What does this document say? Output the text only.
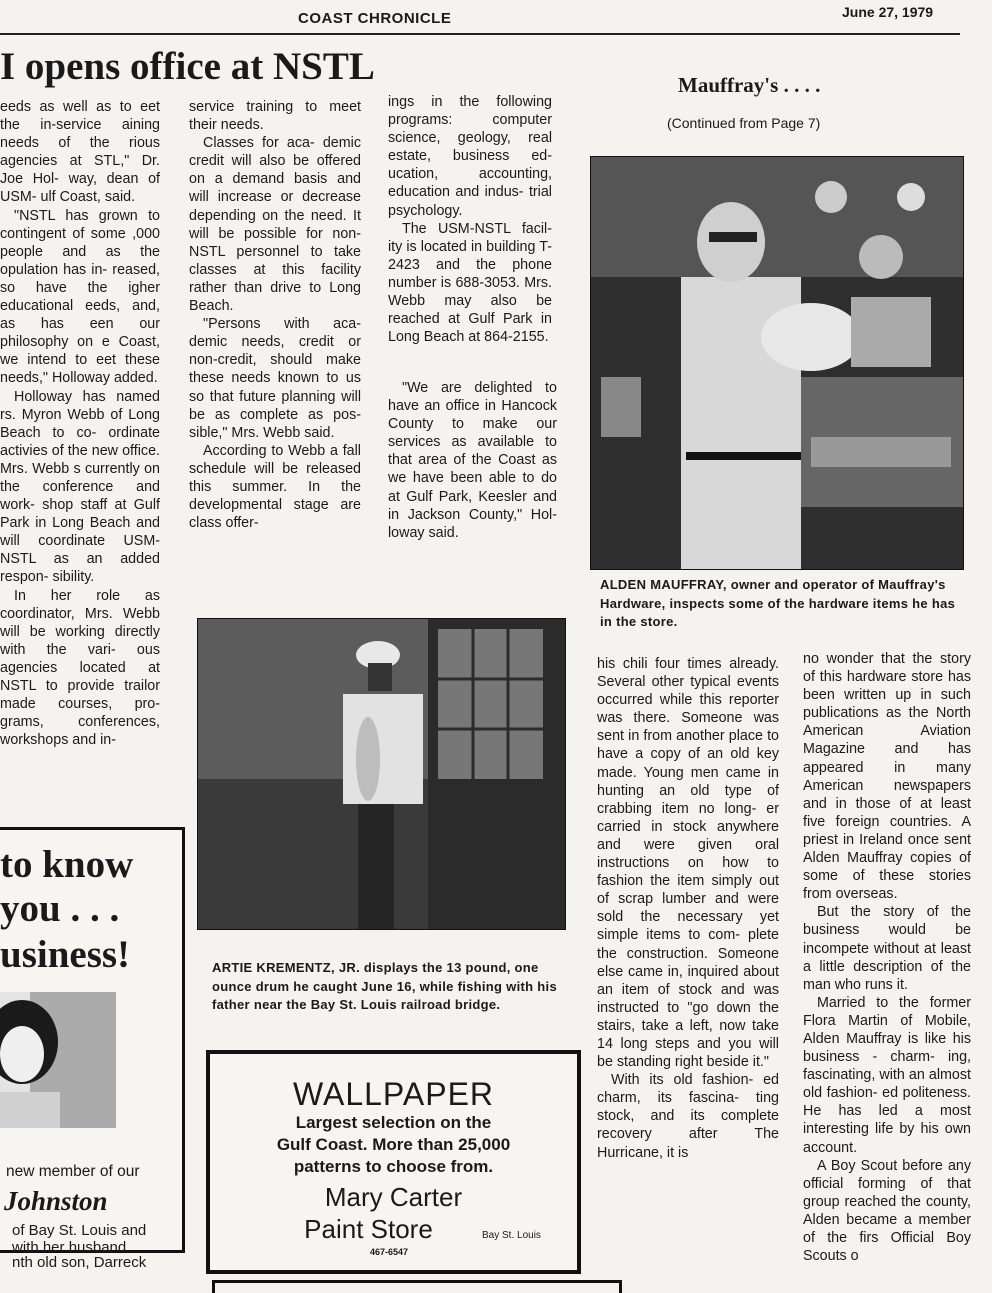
COAST CHRONICLE	June 27, 1979
I opens office at NSTL

eeds as well as to eet the in-service aining needs of the rious agencies at STL," Dr. Joe Hol- way, dean of USM- ulf Coast, said.

"NSTL has grown to contingent of some ,000 people and as the opulation has in- reased, so have the igher educational eeds, and, as has een our philosophy on e Coast, we intend to eet these needs," Holloway added.

Holloway has named rs. Myron Webb of Long Beach to co- ordinate activies of the new office. Mrs. Webb s currently on the conference and work- shop staff at Gulf Park in Long Beach and will coordinate USM-NSTL as an added respon- sibility.

In her role as coordinator, Mrs. Webb will be working directly with the vari- ous agencies located at NSTL to provide trailor made courses, pro- grams, conferences, workshops and in-

service training to meet their needs.

Classes for aca- demic credit will also be offered on a demand basis and will increase or decrease depending on the need. It will be possible for non-NSTL personnel to take classes at this facility rather than drive to Long Beach.

"Persons with aca- demic needs, credit or non-credit, should make these needs known to us so that future planning will be as complete as pos- sible," Mrs. Webb said.

According to Webb a fall schedule will be released this summer. In the developmental stage are class offer-

ings in the following programs: computer science, geology, real estate, business ed- ucation, accounting, education and indus- trial psychology.

The USM-NSTL facil- ity is located in building T-2423 and the phone number is 688-3053. Mrs. Webb may also be reached at Gulf Park in Long Beach at 864-2155.

"We are delighted to have an office in Hancock County to make our services as available to that area of the Coast as we have been able to do at Gulf Park, Keesler and in Jackson County," Hol- loway said.

Mauffray's . . . .
(Continued from Page 7)
ALDEN MAUFFRAY, owner and operator of Mauffray's Hardware, inspects some of the hardware items he has in the store.

his chili four times already. Several other typical events occurred while this reporter was there. Someone was sent in from another place to have a copy of an old key made. Young men came in hunting an old type of crabbing item no long- er carried in stock anywhere and were given oral instructions on how to fashion the item simply out of scrap lumber and were sold the necessary yet simple items to com- plete the construction. Someone else came in, inquired about an item of stock and was instructed to "go down the stairs, take a left, now take 14 long steps and you will be standing right beside it."

With its old fashion- ed charm, its fascina- ting stock, and its complete recovery after The Hurricane, it is

no wonder that the story of this hardware store has been written up in such publications as the North American Aviation Magazine and has appeared in many American newspapers and in those of at least five foreign countries. A priest in Ireland once sent Alden Mauffray copies of some of these stories from overseas.

But the story of the business would be incompete without at least a little description of the man who runs it.

Married to the former Flora Martin of Mobile, Alden Mauffray is like his business - charm- ing, fascinating, with an almost old fashion- ed politeness. He has led a most interesting life by his own account.

A Boy Scout before any official forming of that group reached the county, Alden became a member of the firs Official Boy Scouts o

ARTIE KREMENTZ, JR. displays the 13 pound, one ounce drum he caught June 16, while fishing with his father near the Bay St. Louis railroad bridge.
to know
you . . .
usiness!
new member of our
Johnston
of Bay St. Louis and
with her husband
nth old son, Darreck
WALLPAPER
Largest selection on the
Gulf Coast. More than 25,000
patterns to choose from.
Mary Carter
Paint Store	Bay St. Louis
467-6547
